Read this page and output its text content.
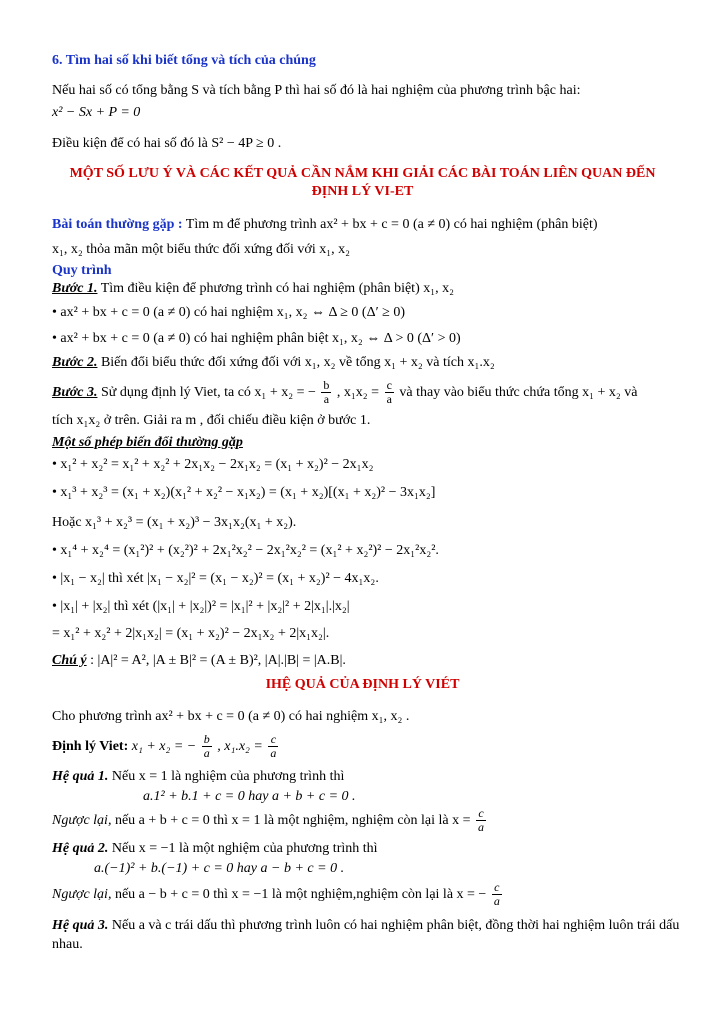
6. Tìm hai số khi biết tổng và tích của chúng
Nếu hai số có tổng bằng S và tích bằng P thì hai số đó là hai nghiệm của phương trình bậc hai:
x² − Sx + P = 0
Điều kiện để có hai số đó là S² − 4P ≥ 0 .
MỘT SỐ LƯU Ý VÀ CÁC KẾT QUẢ CẦN NẮM KHI GIẢI CÁC BÀI TOÁN LIÊN QUAN ĐẾN
ĐỊNH LÝ VI-ET
Bài toán thường gặp : Tìm m để phương trình ax² + bx + c = 0 (a ≠ 0) có hai nghiệm (phân biệt)
x₁, x₂ thỏa mãn một biểu thức đối xứng đối với x₁, x₂
Quy trình
Bước 1. Tìm điều kiện để phương trình có hai nghiệm (phân biệt) x₁, x₂
• ax² + bx + c = 0 (a ≠ 0) có hai nghiệm x₁, x₂ ⇔ Δ ≥ 0 (Δ′ ≥ 0)
• ax² + bx + c = 0 (a ≠ 0) có hai nghiệm phân biệt x₁, x₂ ⇔ Δ > 0 (Δ′ > 0)
Bước 2. Biến đổi biểu thức đối xứng đối với x₁, x₂ về tổng x₁ + x₂ và tích x₁.x₂
Bước 3. Sử dụng định lý Viet, ta có x₁ + x₂ = − $\frac{b}{a}$ , $x_1x_2 = \frac{c}{a}$ và thay vào biểu thức chứa tổng x₁ + x₂ và
tích x₁x₂ ở trên. Giải ra m , đối chiếu điều kiện ở bước 1.
Một số phép biến đổi thường gặp
• x₁² + x₂² = x₁² + x₂² + 2x₁x₂ − 2x₁x₂ = (x₁ + x₂)² − 2x₁x₂
• x₁³ + x₂³ = (x₁ + x₂)(x₁² + x₂² − x₁x₂) = (x₁ + x₂)[(x₁ + x₂)² − 3x₁x₂]
Hoặc x₁³ + x₂³ = (x₁ + x₂)³ − 3x₁x₂(x₁ + x₂).
• x₁⁴ + x₂⁴ = (x₁²)² + (x₂²)² + 2x₁²x₂² − 2x₁²x₂² = (x₁² + x₂²)² − 2x₁²x₂².
• |x₁ − x₂| thì xét |x₁ − x₂|² = (x₁ − x₂)² = (x₁ + x₂)² − 4x₁x₂.
• |x₁| + |x₂| thì xét (|x₁| + |x₂|)² = |x₁|² + |x₂|² + 2|x₁|.|x₂|
= x₁² + x₂² + 2|x₁x₂| = (x₁ + x₂)² − 2x₁x₂ + 2|x₁x₂|.
Chú ý : |A|² = A², |A ± B|² = (A ± B)², |A|.|B| = |A.B|.
IHỆ QUẢ CỦA ĐỊNH LÝ VIÉT
Cho phương trình ax² + bx + c = 0 (a ≠ 0) có hai nghiệm x₁, x₂ .
Định lý Viet: x₁ + x₂ = − $\frac{b}{a}$ , $x_1.x_2 = \frac{c}{a}$
Hệ quả 1. Nếu x = 1 là nghiệm của phương trình thì
a.1² + b.1 + c = 0 hay a + b + c = 0 .
Ngược lại, nếu a + b + c = 0 thì x = 1 là một nghiệm, nghiệm còn lại là $x = \frac{c}{a}$
Hệ quả 2. Nếu x = −1 là một nghiệm của phương trình thì
a.(−1)² + b.(−1) + c = 0 hay a − b + c = 0 .
Ngược lại, nếu a − b + c = 0 thì x = −1 là một nghiệm,nghiệm còn lại là x = − $\frac{c}{a}$
Hệ quả 3. Nếu a và c trái dấu thì phương trình luôn có hai nghiệm phân biệt, đồng thời hai nghiệm luôn trái dấu nhau.
